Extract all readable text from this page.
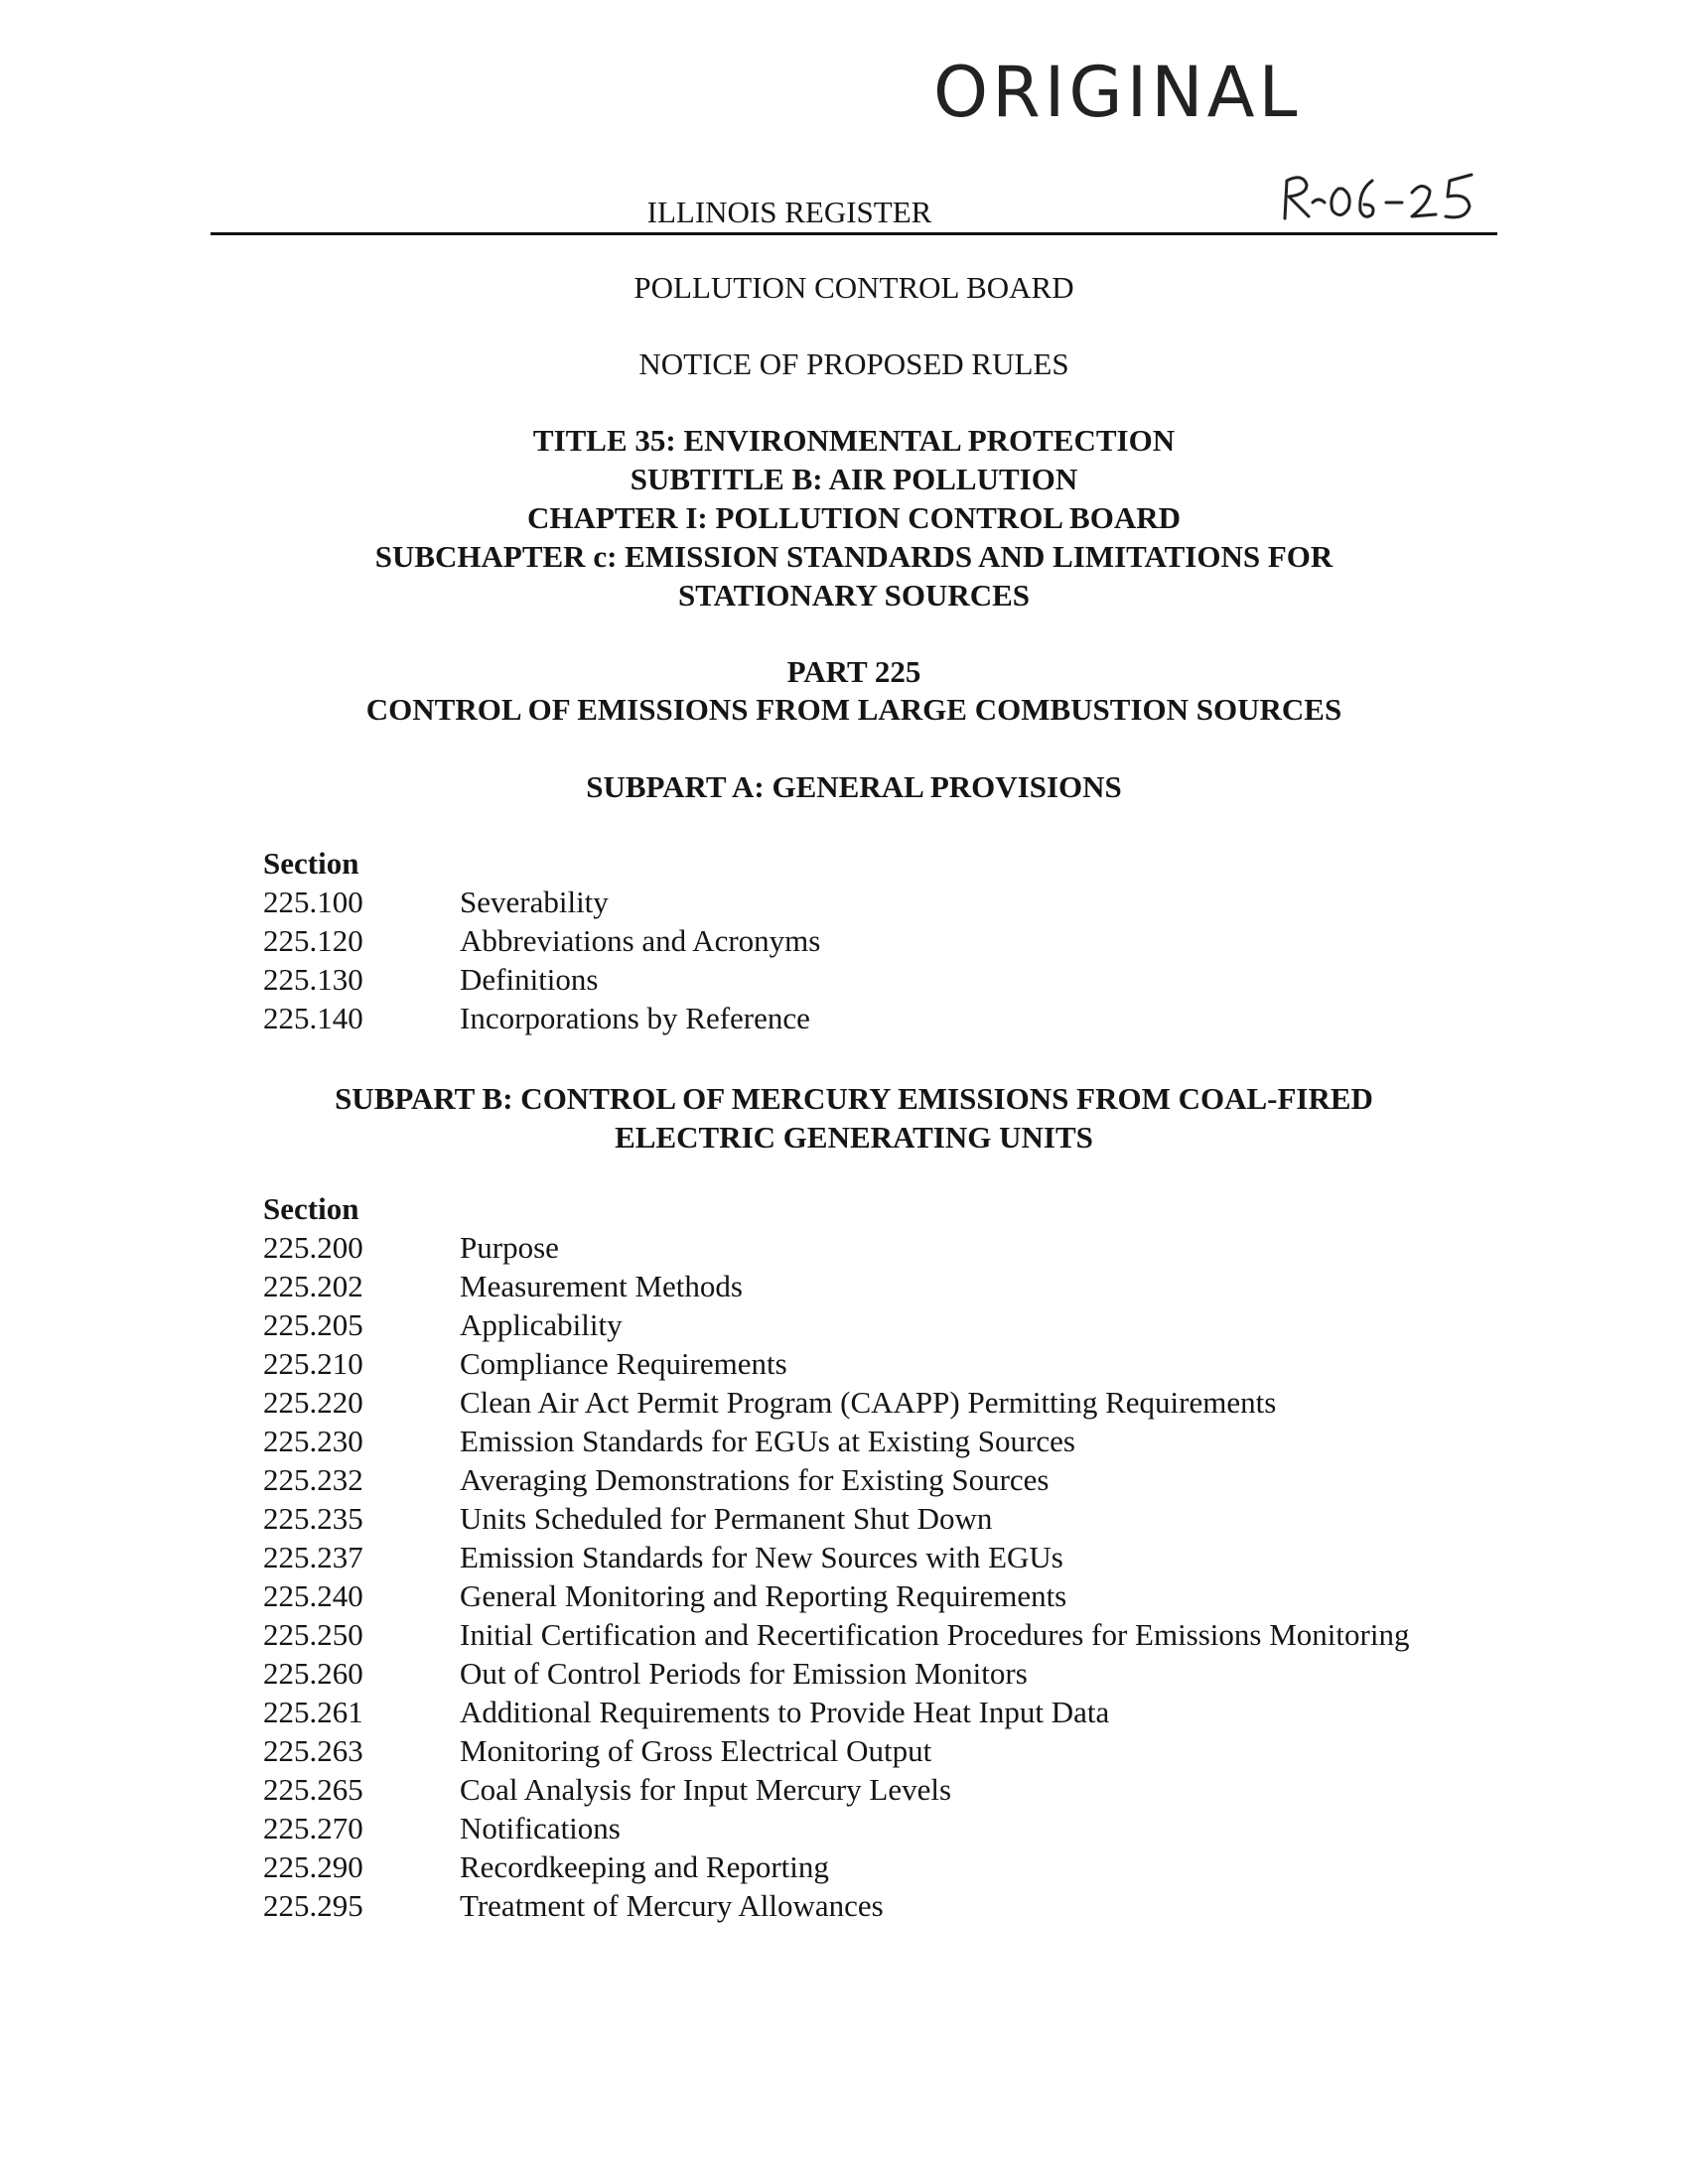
ORIGINAL
ILLINOIS REGISTER
POLLUTION CONTROL BOARD
NOTICE OF PROPOSED RULES
TITLE 35: ENVIRONMENTAL PROTECTION
SUBTITLE B: AIR POLLUTION
CHAPTER I: POLLUTION CONTROL BOARD
SUBCHAPTER c: EMISSION STANDARDS AND LIMITATIONS FOR
STATIONARY SOURCES
PART 225
CONTROL OF EMISSIONS FROM LARGE COMBUSTION SOURCES
SUBPART A: GENERAL PROVISIONS
Section
225.100	Severability
225.120	Abbreviations and Acronyms
225.130	Definitions
225.140	Incorporations by Reference
SUBPART B: CONTROL OF MERCURY EMISSIONS FROM COAL-FIRED
ELECTRIC GENERATING UNITS
Section
225.200	Purpose
225.202	Measurement Methods
225.205	Applicability
225.210	Compliance Requirements
225.220	Clean Air Act Permit Program (CAAPP) Permitting Requirements
225.230	Emission Standards for EGUs at Existing Sources
225.232	Averaging Demonstrations for Existing Sources
225.235	Units Scheduled for Permanent Shut Down
225.237	Emission Standards for New Sources with EGUs
225.240	General Monitoring and Reporting Requirements
225.250	Initial Certification and Recertification Procedures for Emissions Monitoring
225.260	Out of Control Periods for Emission Monitors
225.261	Additional Requirements to Provide Heat Input Data
225.263	Monitoring of Gross Electrical Output
225.265	Coal Analysis for Input Mercury Levels
225.270	Notifications
225.290	Recordkeeping and Reporting
225.295	Treatment of Mercury Allowances
